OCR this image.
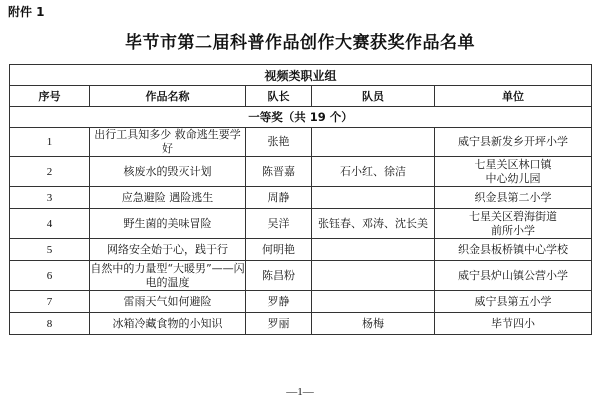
附件 1
毕节市第二届科普作品创作大赛获奖作品名单
视频类职业组				
序号	作品名称	队长	队员	单位
一等奖（共 19 个）				
1	出行工具知多少 救命逃生要学好	张艳		威宁县新发乡开坪小学
2	核废水的毁灭计划	陈晋嘉	石小红、徐洁	七星关区林口镇
中心幼儿园
3	应急避险 遇险逃生	周静		织金县第二小学
4	野生菌的美味冒险	吴洋	张钰春、邓涛、沈长美	七星关区碧海街道
前所小学
5	网络安全始于心，践于行	何明艳		织金县板桥镇中心学校
6	自然中的力量型“大暖男”——闪
电的温度	陈昌粉		威宁县炉山镇公营小学
7	雷雨天气如何避险	罗静		威宁县第五小学
8	冰箱冷藏食物的小知识	罗丽	杨梅	毕节四小
—1—
